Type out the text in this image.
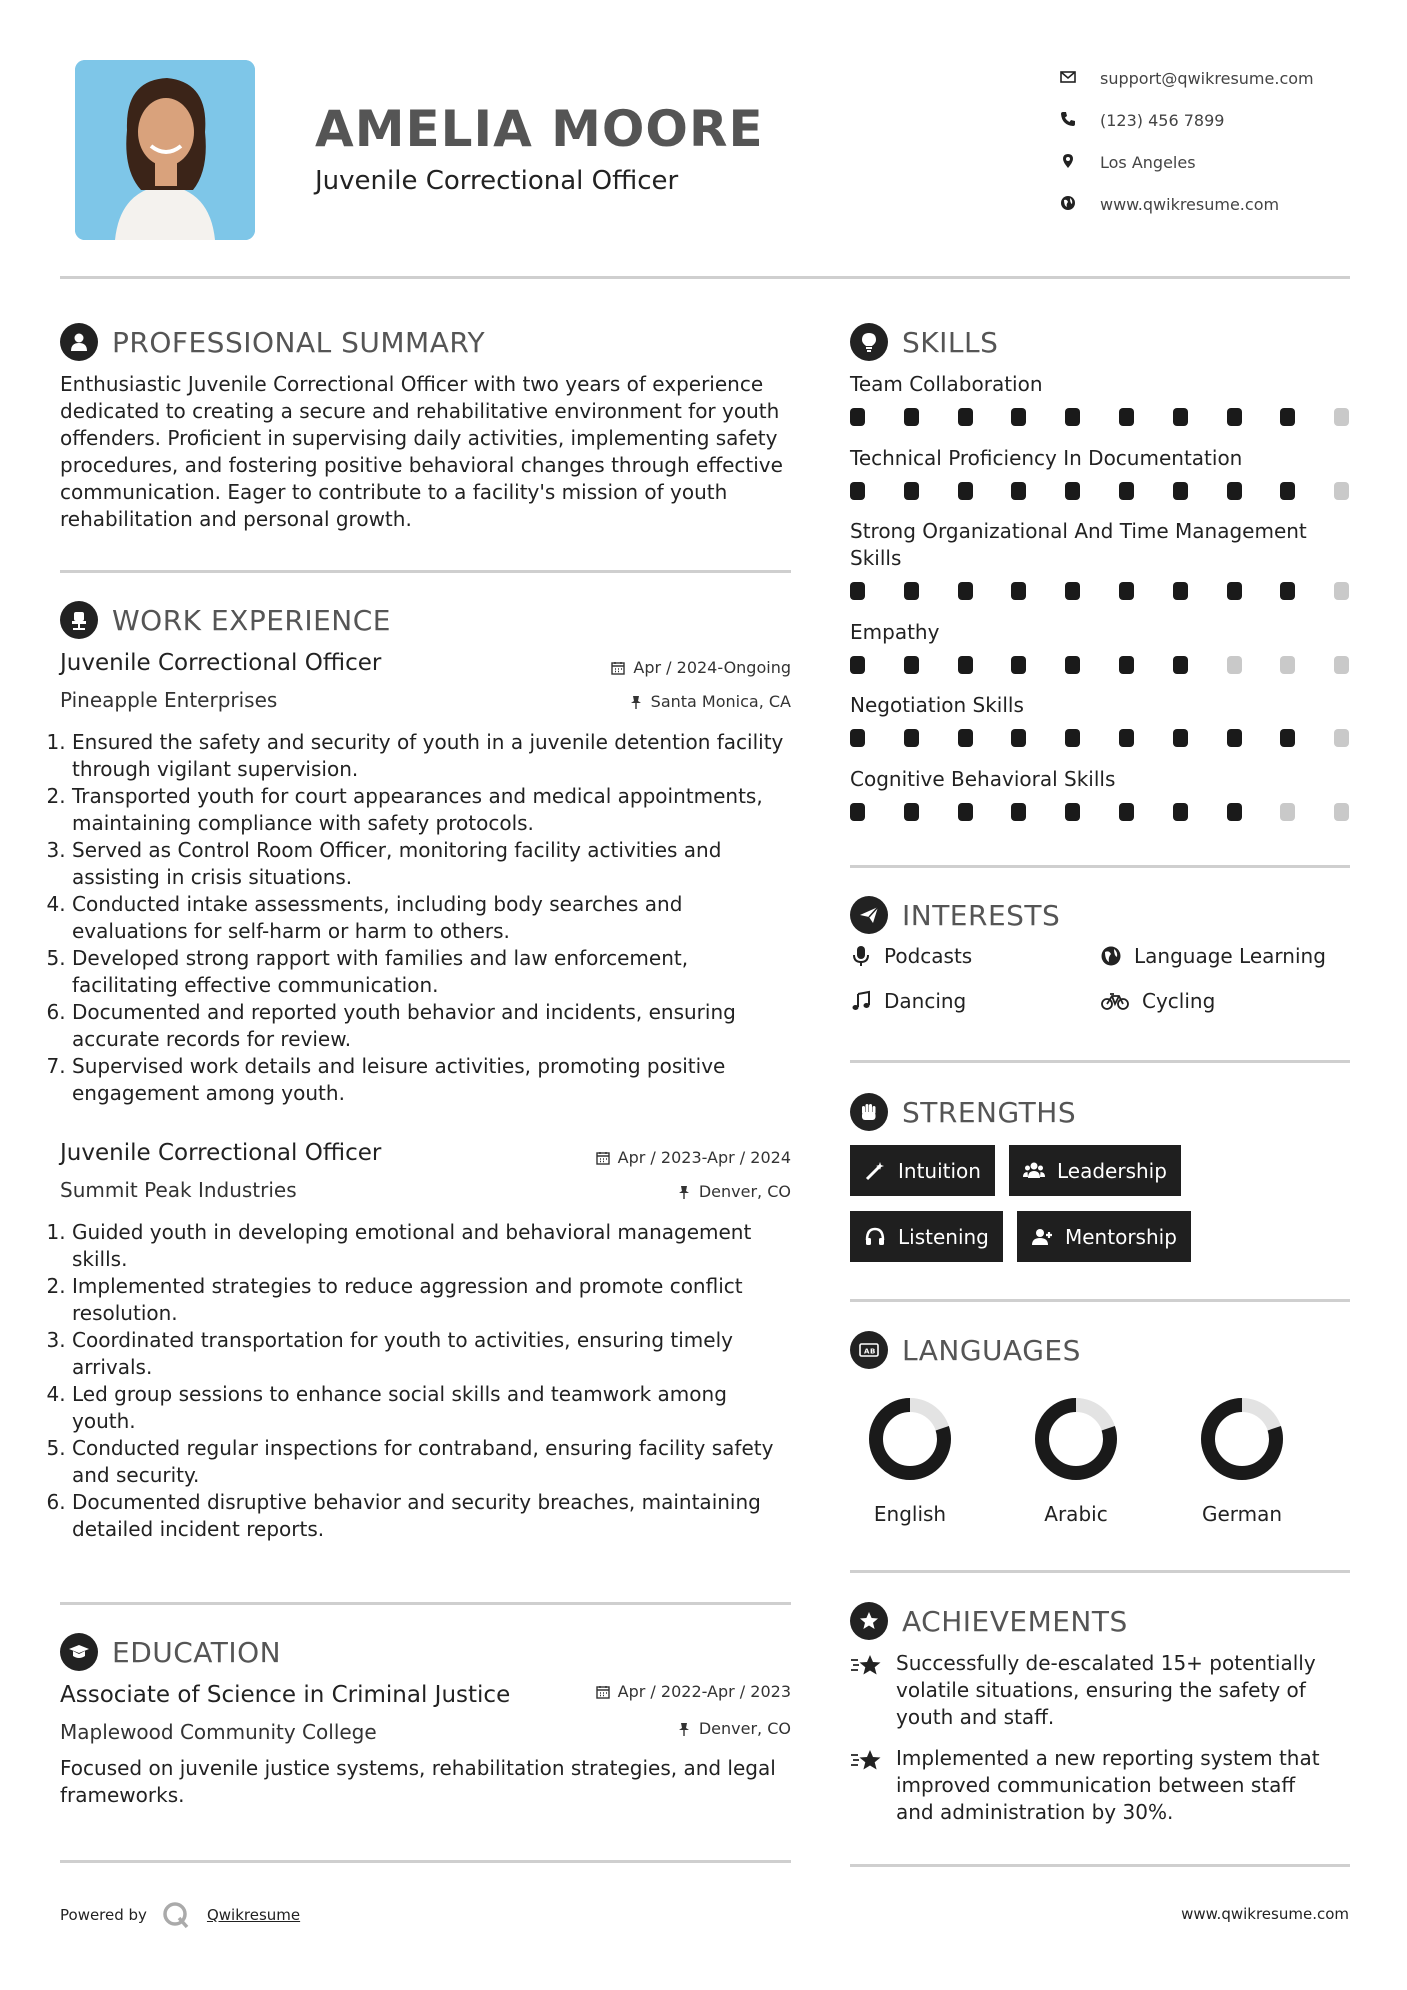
AMELIA MOORE
Juvenile Correctional Officer
support@qwikresume.com
(123) 456 7899
Los Angeles
www.qwikresume.com
PROFESSIONAL SUMMARY
Enthusiastic Juvenile Correctional Officer with two years of experience dedicated to creating a secure and rehabilitative environment for youth offenders. Proficient in supervising daily activities, implementing safety procedures, and fostering positive behavioral changes through effective communication. Eager to contribute to a facility's mission of youth rehabilitation and personal growth.
WORK EXPERIENCE
Juvenile Correctional Officer	Apr / 2024-Ongoing
Pineapple Enterprises	Santa Monica, CA
1. Ensured the safety and security of youth in a juvenile detention facility through vigilant supervision.
2. Transported youth for court appearances and medical appointments, maintaining compliance with safety protocols.
3. Served as Control Room Officer, monitoring facility activities and assisting in crisis situations.
4. Conducted intake assessments, including body searches and evaluations for self-harm or harm to others.
5. Developed strong rapport with families and law enforcement, facilitating effective communication.
6. Documented and reported youth behavior and incidents, ensuring accurate records for review.
7. Supervised work details and leisure activities, promoting positive engagement among youth.
Juvenile Correctional Officer	Apr / 2023-Apr / 2024
Summit Peak Industries	Denver, CO
1. Guided youth in developing emotional and behavioral management skills.
2. Implemented strategies to reduce aggression and promote conflict resolution.
3. Coordinated transportation for youth to activities, ensuring timely arrivals.
4. Led group sessions to enhance social skills and teamwork among youth.
5. Conducted regular inspections for contraband, ensuring facility safety and security.
6. Documented disruptive behavior and security breaches, maintaining detailed incident reports.
EDUCATION
Associate of Science in Criminal Justice	Apr / 2022-Apr / 2023
Maplewood Community College	Denver, CO
Focused on juvenile justice systems, rehabilitation strategies, and legal frameworks.
SKILLS
Team Collaboration
Technical Proficiency In Documentation
Strong Organizational And Time Management Skills
Empathy
Negotiation Skills
Cognitive Behavioral Skills
INTERESTS
Podcasts	Language Learning
Dancing	Cycling
STRENGTHS
Intuition	Leadership
Listening	Mentorship
A B LANGUAGES
English	Arabic	German
ACHIEVEMENTS
Successfully de-escalated 15+ potentially volatile situations, ensuring the safety of youth and staff.
Implemented a new reporting system that improved communication between staff and administration by 30%.
Powered by	Qwikresume	www.qwikresume.com
